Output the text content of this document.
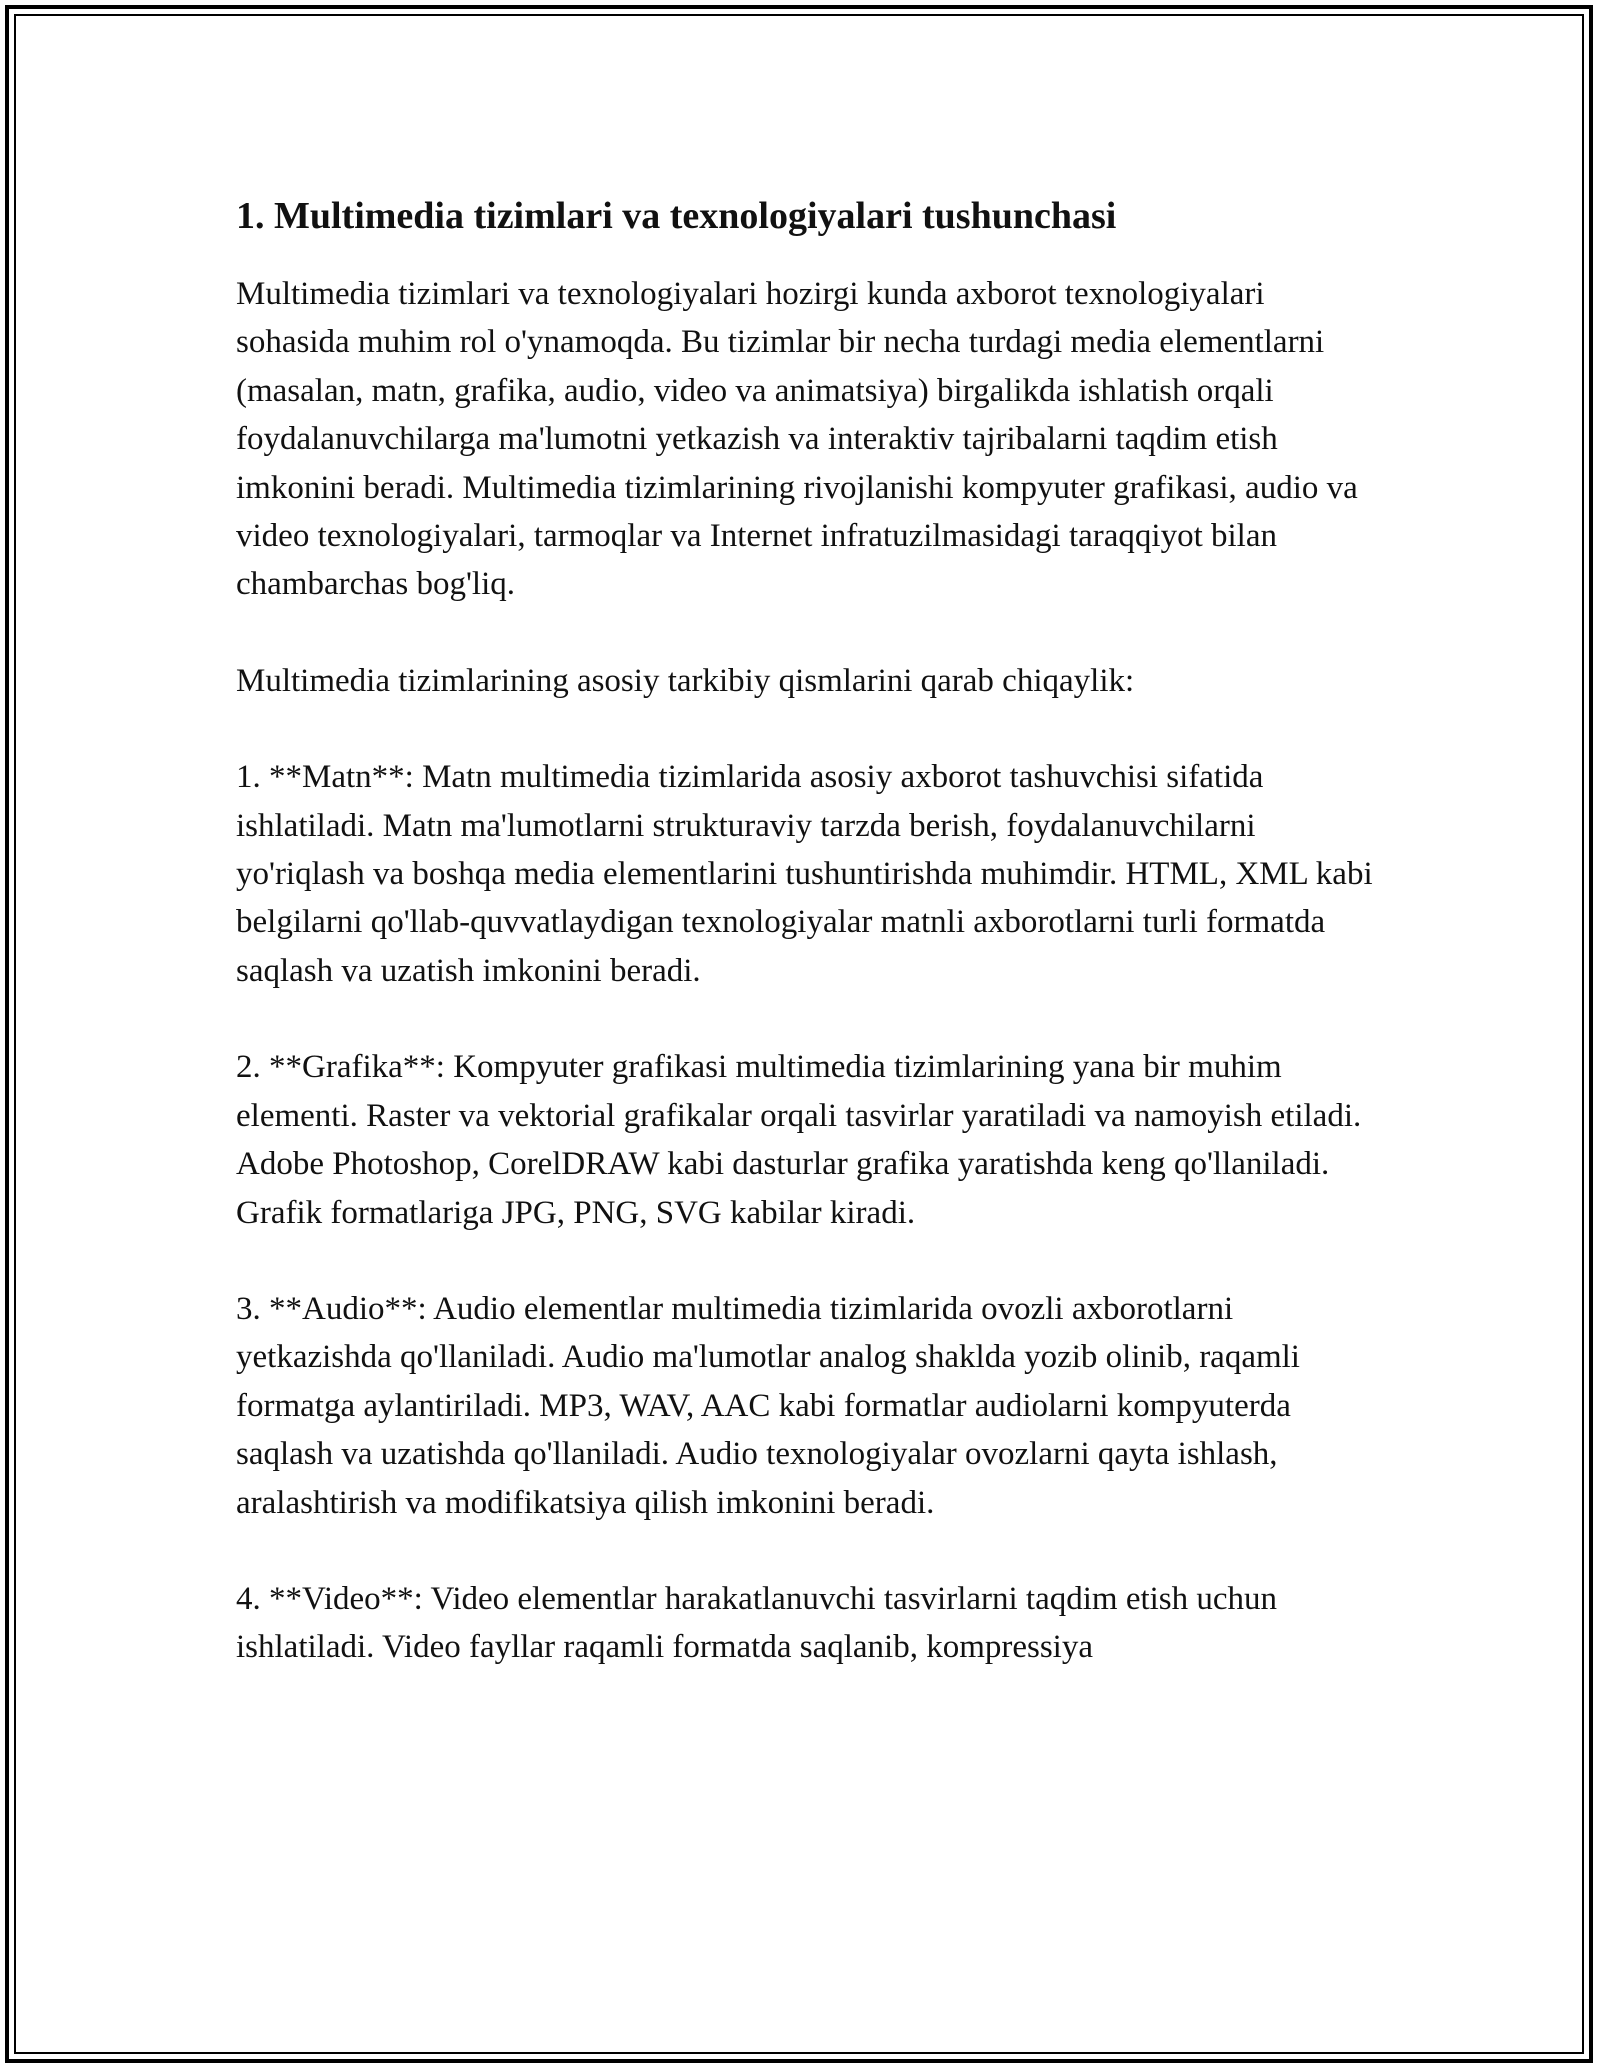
1. Multimedia tizimlari va texnologiyalari tushunchasi

Multimedia tizimlari va texnologiyalari hozirgi kunda axborot texnologiyalari sohasida muhim rol o'ynamoqda. Bu tizimlar bir necha turdagi media elementlarni (masalan, matn, grafika, audio, video va animatsiya) birgalikda ishlatish orqali foydalanuvchilarga ma'lumotni yetkazish va interaktiv tajribalarni taqdim etish imkonini beradi. Multimedia tizimlarining rivojlanishi kompyuter grafikasi, audio va video texnologiyalari, tarmoqlar va Internet infratuzilmasidagi taraqqiyot bilan chambarchas bog'liq.

Multimedia tizimlarining asosiy tarkibiy qismlarini qarab chiqaylik:

1. **Matn**: Matn multimedia tizimlarida asosiy axborot tashuvchisi sifatida ishlatiladi. Matn ma'lumotlarni strukturaviy tarzda berish, foydalanuvchilarni yo'riqlash va boshqa media elementlarini tushuntirishda muhimdir. HTML, XML kabi belgilarni qo'llab-quvvatlaydigan texnologiyalar matnli axborotlarni turli formatda saqlash va uzatish imkonini beradi.

2. **Grafika**: Kompyuter grafikasi multimedia tizimlarining yana bir muhim elementi. Raster va vektorial grafikalar orqali tasvirlar yaratiladi va namoyish etiladi. Adobe Photoshop, CorelDRAW kabi dasturlar grafika yaratishda keng qo'llaniladi. Grafik formatlariga JPG, PNG, SVG kabilar kiradi.

3. **Audio**: Audio elementlar multimedia tizimlarida ovozli axborotlarni yetkazishda qo'llaniladi. Audio ma'lumotlar analog shaklda yozib olinib, raqamli formatga aylantiriladi. MP3, WAV, AAC kabi formatlar audiolarni kompyuterda saqlash va uzatishda qo'llaniladi. Audio texnologiyalar ovozlarni qayta ishlash, aralashtirish va modifikatsiya qilish imkonini beradi.

4. **Video**: Video elementlar harakatlanuvchi tasvirlarni taqdim etish uchun ishlatiladi. Video fayllar raqamli formatda saqlanib, kompressiya
